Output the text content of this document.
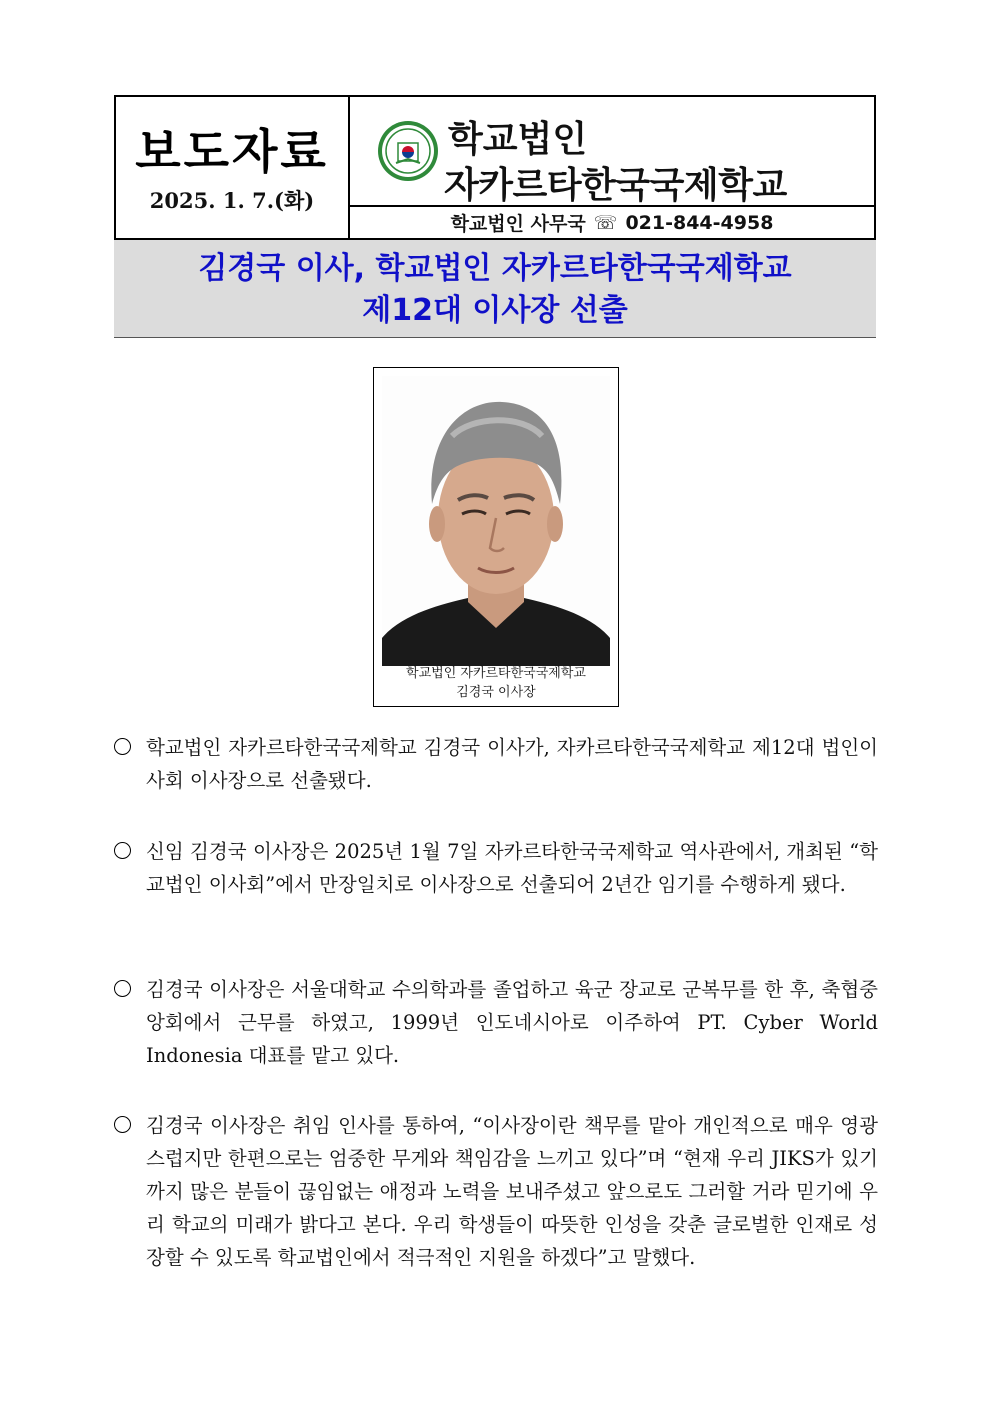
보도자료
2025. 1. 7.(화)
학교법인
자카르타한국국제학교
학교법인 사무국 ☏ 021-844-4958
김경국 이사, 학교법인 자카르타한국국제학교
제12대 이사장 선출
학교법인 자카르타한국국제학교
김경국 이사장
학교법인 자카르타한국국제학교 김경국 이사가, 자카르타한국국제학교 제12대 법인이사회 이사장으로 선출됐다.
신임 김경국 이사장은 2025년 1월 7일 자카르타한국국제학교 역사관에서, 개최된 “학교법인 이사회”에서 만장일치로 이사장으로 선출되어 2년간 임기를 수행하게 됐다.
김경국 이사장은 서울대학교 수의학과를 졸업하고 육군 장교로 군복무를 한 후, 축협중앙회에서 근무를 하였고, 1999년 인도네시아로 이주하여 PT. Cyber World Indonesia 대표를 맡고 있다.
김경국 이사장은 취임 인사를 통하여, “이사장이란 책무를 맡아 개인적으로 매우 영광스럽지만 한편으로는 엄중한 무게와 책임감을 느끼고 있다”며 “현재 우리 JIKS가 있기까지 많은 분들이 끊임없는 애정과 노력을 보내주셨고 앞으로도 그러할 거라 믿기에 우리 학교의 미래가 밝다고 본다. 우리 학생들이 따뜻한 인성을 갖춘 글로벌한 인재로 성장할 수 있도록 학교법인에서 적극적인 지원을 하겠다”고 말했다.
